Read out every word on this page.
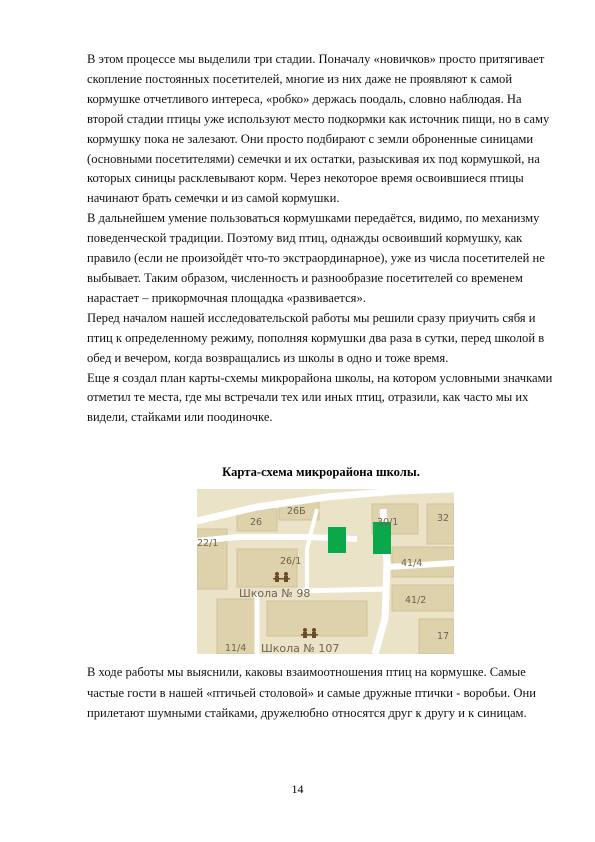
В этом процессе мы выделили три стадии. Поначалу «новичков» просто притягивает скопление постоянных посетителей, многие из них даже не проявляют к самой кормушке отчетливого интереса, «робко» держась поодаль, словно наблюдая. На второй стадии птицы уже используют место подкормки как источник пищи, но в саму кормушку пока не залезают. Они просто подбирают с земли оброненные синицами (основными посетителями) семечки и их остатки, разыскивая их под кормушкой, на которых синицы расклевывают корм. Через некоторое время освоившиеся птицы начинают брать семечки и из самой кормушки.

В дальнейшем умение пользоваться кормушками передаётся, видимо, по механизму поведенческой традиции. Поэтому вид птиц, однажды освоивший кормушку, как правило (если не произойдёт что-то экстраординарное), уже из числа посетителей не выбывает. Таким образом, численность и разнообразие посетителей со временем нарастает – прикормочная площадка «развивается».

Перед началом нашей исследовательской работы мы решили сразу приучить сябя и птиц к определенному режиму, пополняя кормушки два раза в сутки, перед школой в обед и вечером, когда возвращались из школы в одно и тоже время.

Еще я создал план карты-схемы микрорайона школы, на котором условными значками отметил те места, где мы встречали тех или иных птиц, отразили, как часто мы их видели, стайками или поодиночке.

Карта-схема микрорайона школы.
26
26Б
22/1
26/1
30/1	32
41/4
41/2
17
11/4
Школа № 98
Школа № 107

В ходе работы мы выяснили, каковы взаимоотношения птиц на кормушке. Самые частые гости в нашей «птичьей столовой» и самые дружные птички - воробьи. Они прилетают шумными стайками, дружелюбно относятся друг к другу и к синицам.

14
